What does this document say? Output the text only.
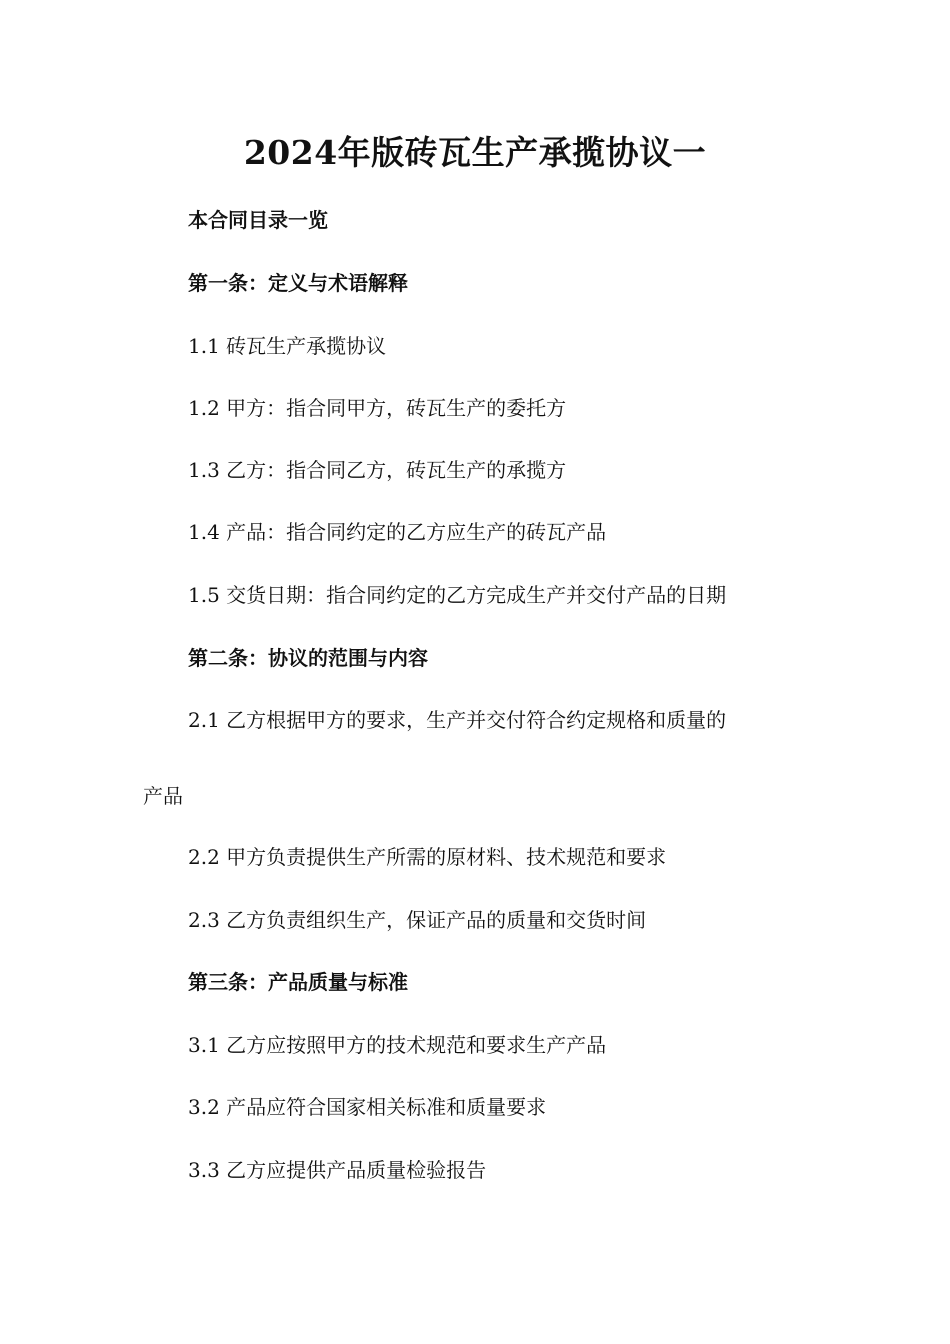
2024年版砖瓦生产承揽协议一
本合同目录一览
第一条：定义与术语解释
1.1 砖瓦生产承揽协议
1.2 甲方：指合同甲方，砖瓦生产的委托方
1.3 乙方：指合同乙方，砖瓦生产的承揽方
1.4 产品：指合同约定的乙方应生产的砖瓦产品
1.5 交货日期：指合同约定的乙方完成生产并交付产品的日期
第二条：协议的范围与内容
2.1 乙方根据甲方的要求，生产并交付符合约定规格和质量的
产品
2.2 甲方负责提供生产所需的原材料、技术规范和要求
2.3 乙方负责组织生产，保证产品的质量和交货时间
第三条：产品质量与标准
3.1 乙方应按照甲方的技术规范和要求生产产品
3.2 产品应符合国家相关标准和质量要求
3.3 乙方应提供产品质量检验报告
